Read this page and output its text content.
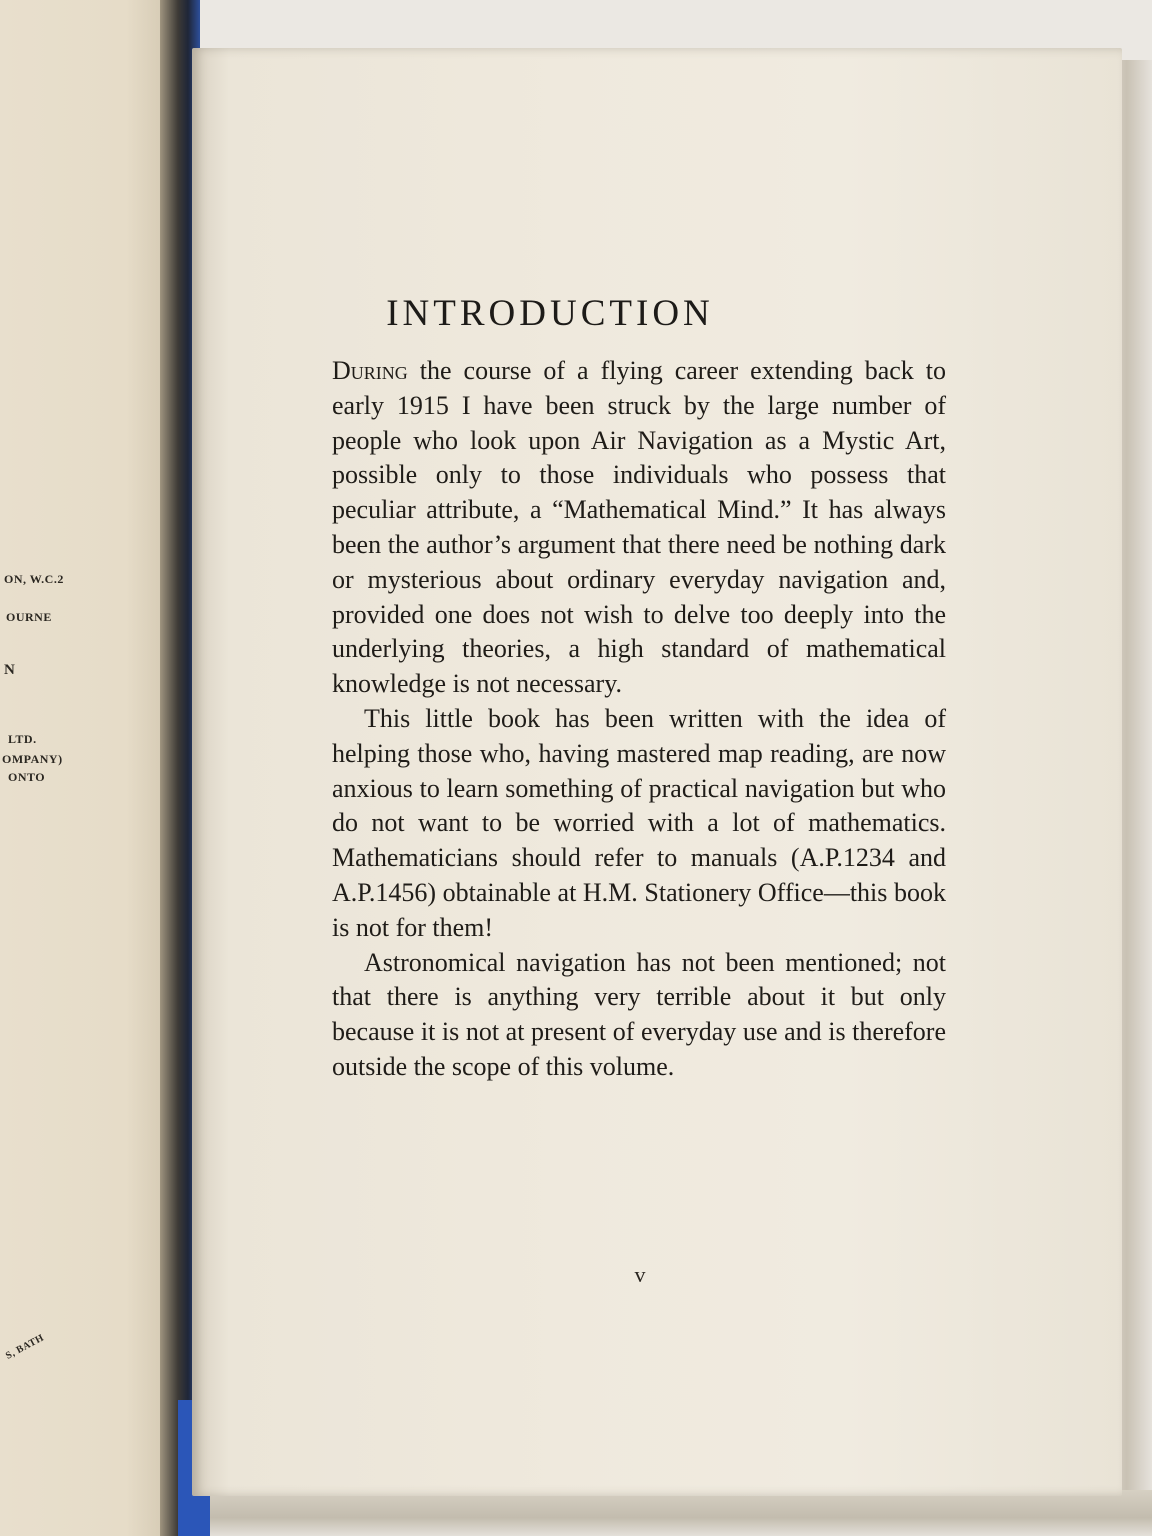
ON, W.C.2
OURNE
N
LTD.
OMPANY)
ONTO
S, BATH
INTRODUCTION

During the course of a flying career extending back to early 1915 I have been struck by the large number of people who look upon Air Navigation as a Mystic Art, possible only to those individuals who possess that peculiar attribute, a “Mathematical Mind.” It has always been the author’s argument that there need be nothing dark or mysterious about ordinary everyday navigation and, provided one does not wish to delve too deeply into the underlying theories, a high standard of mathematical knowledge is not necessary.

This little book has been written with the idea of helping those who, having mastered map reading, are now anxious to learn something of practical navigation but who do not want to be worried with a lot of mathematics. Mathematicians should refer to manuals (A.P.1234 and A.P.1456) obtainable at H.M. Stationery Office—this book is not for them!

Astronomical navigation has not been mentioned; not that there is anything very terrible about it but only because it is not at present of everyday use and is therefore outside the scope of this volume.

v
